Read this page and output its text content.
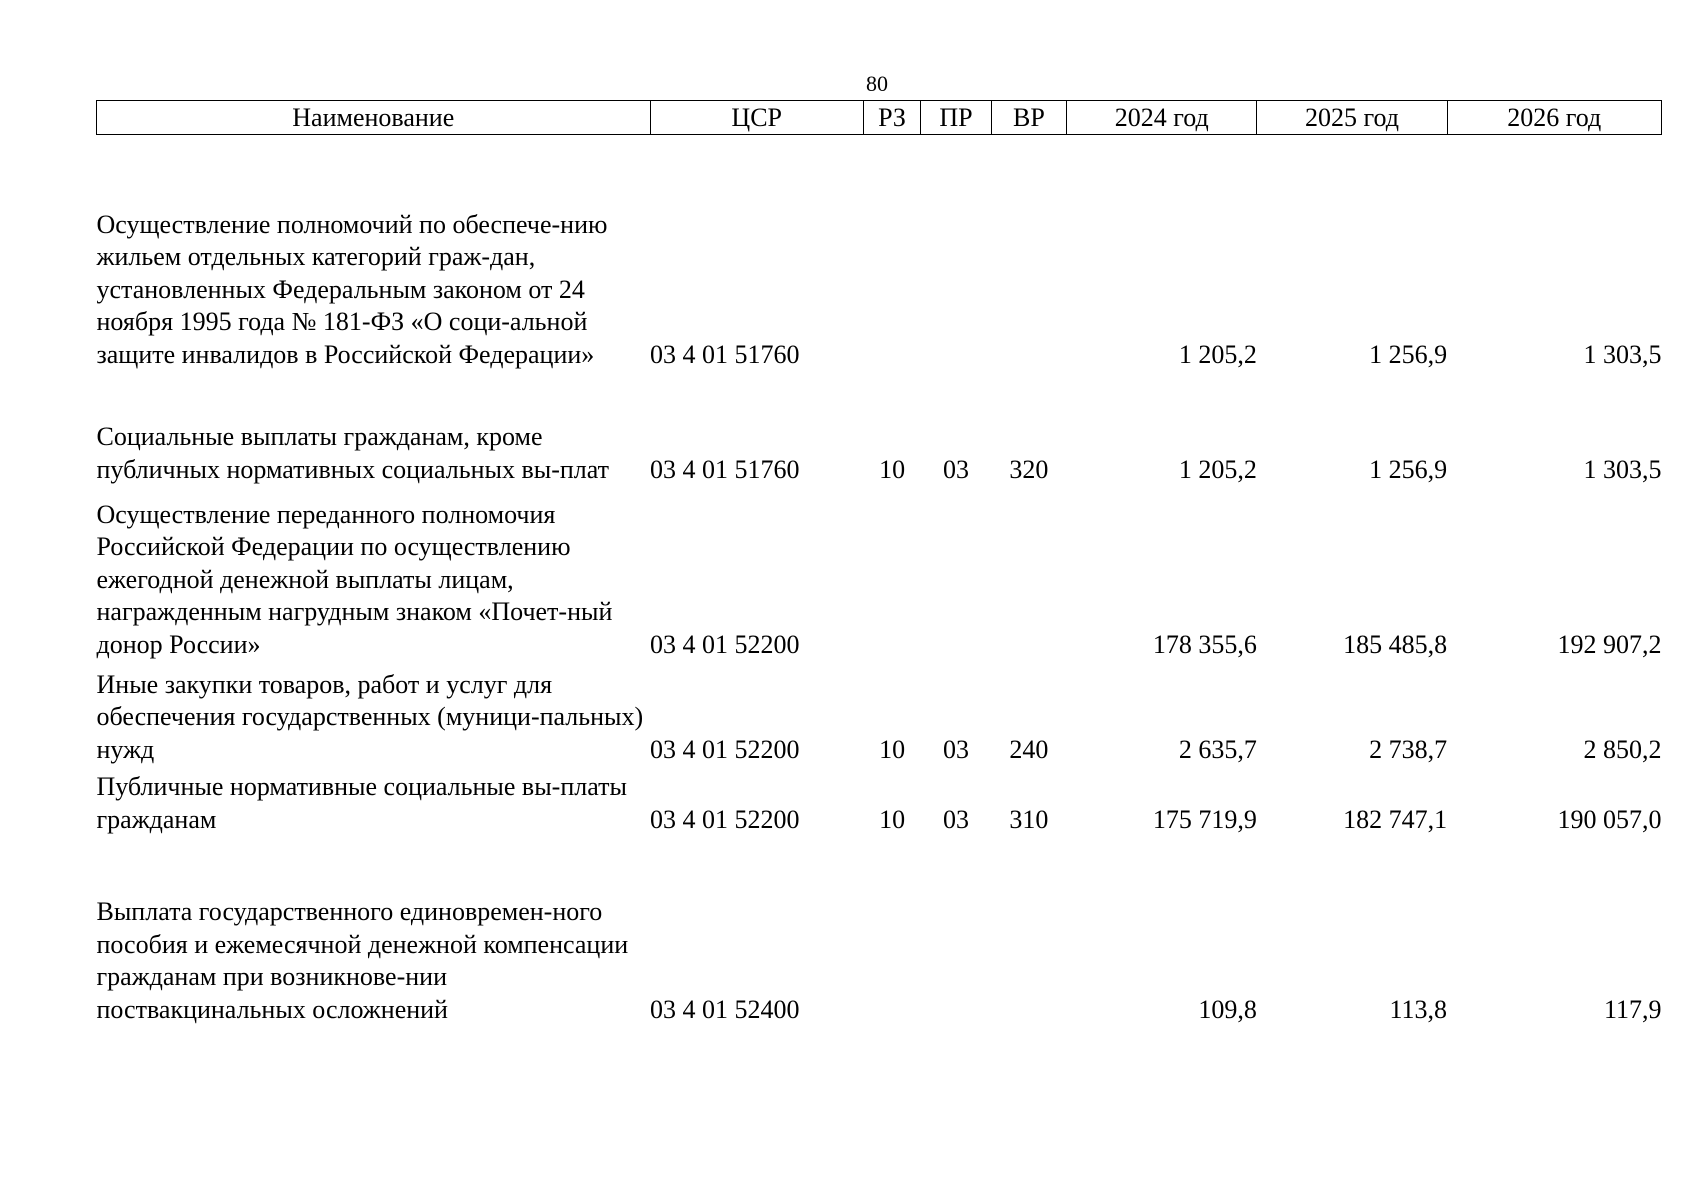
80
Наименование	ЦСР	РЗ	ПР	ВР	2024 год	2025 год	2026 год

Осуществление полномочий по обеспече-нию жильем отдельных категорий граж-дан, установленных Федеральным законом от 24 ноября 1995 года № 181-ФЗ «О соци-альной защите инвалидов в Российской Федерации»	03 4 01 51760				1 205,2	1 256,9	1 303,5
Социальные выплаты гражданам, кроме публичных нормативных социальных вы-плат	03 4 01 51760	10	03	320	1 205,2	1 256,9	1 303,5
Осуществление переданного полномочия Российской Федерации по осуществлению ежегодной денежной выплаты лицам, награжденным нагрудным знаком «Почет-ный донор России»	03 4 01 52200				178 355,6	185 485,8	192 907,2
Иные закупки товаров, работ и услуг для обеспечения государственных (муници-пальных) нужд	03 4 01 52200	10	03	240	2 635,7	2 738,7	2 850,2
Публичные нормативные социальные вы-платы гражданам	03 4 01 52200	10	03	310	175 719,9	182 747,1	190 057,0
Выплата государственного единовремен-ного пособия и ежемесячной денежной компенсации гражданам при возникнове-нии поствакцинальных осложнений	03 4 01 52400				109,8	113,8	117,9
